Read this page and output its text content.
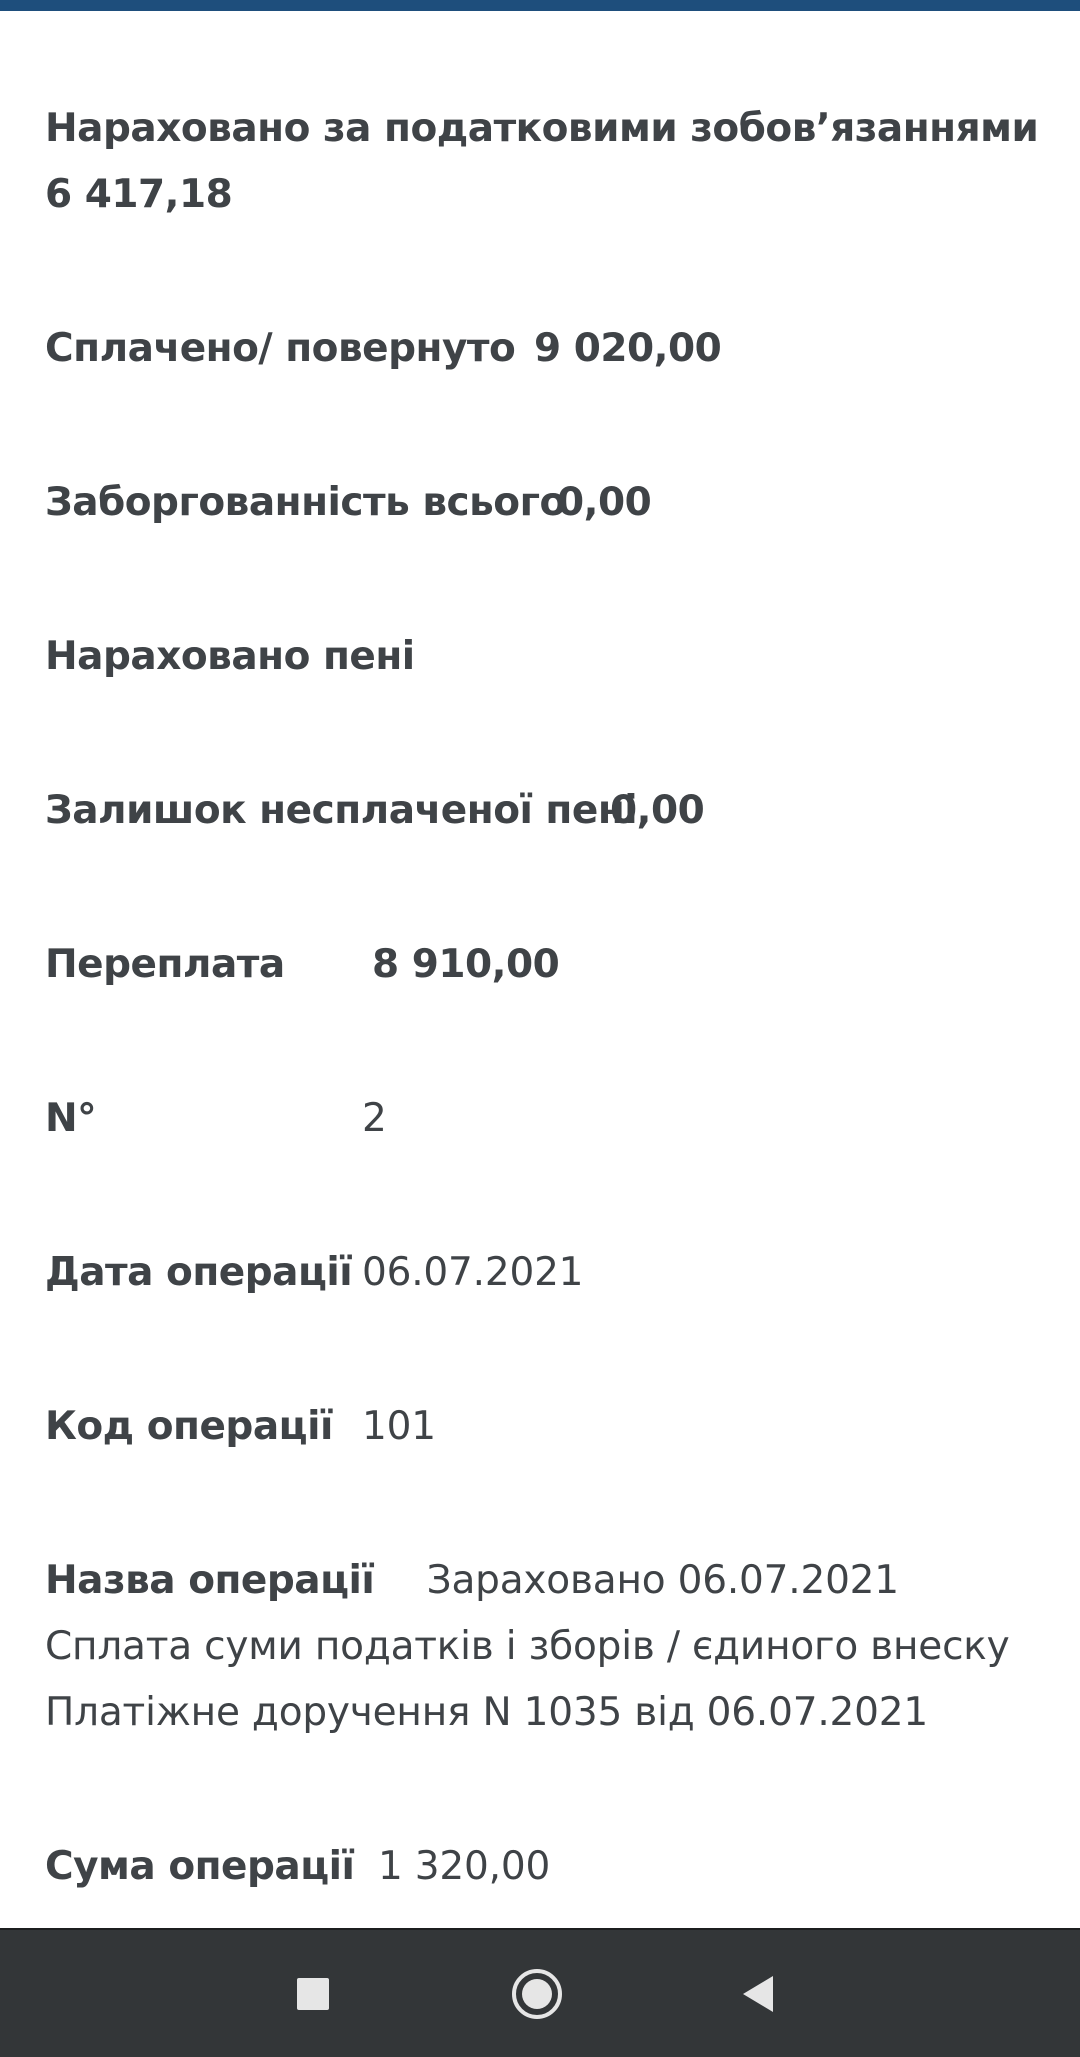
Нараховано за податковими зобов’язаннями
6 417,18
Сплачено/ повернуто 9 020,00
Заборгованність всього
0,00
Нараховано пені
Залишок несплаченої пені
0,00
Переплата 8 910,00
N°	2
Дата операції 06.07.2021
Код операції 101
Назва операції Зараховано 06.07.2021 Сплата суми податків і зборів / єдиного внеску Платіжне доручення N 1035 від 06.07.2021
Сума операції 1 320,00
